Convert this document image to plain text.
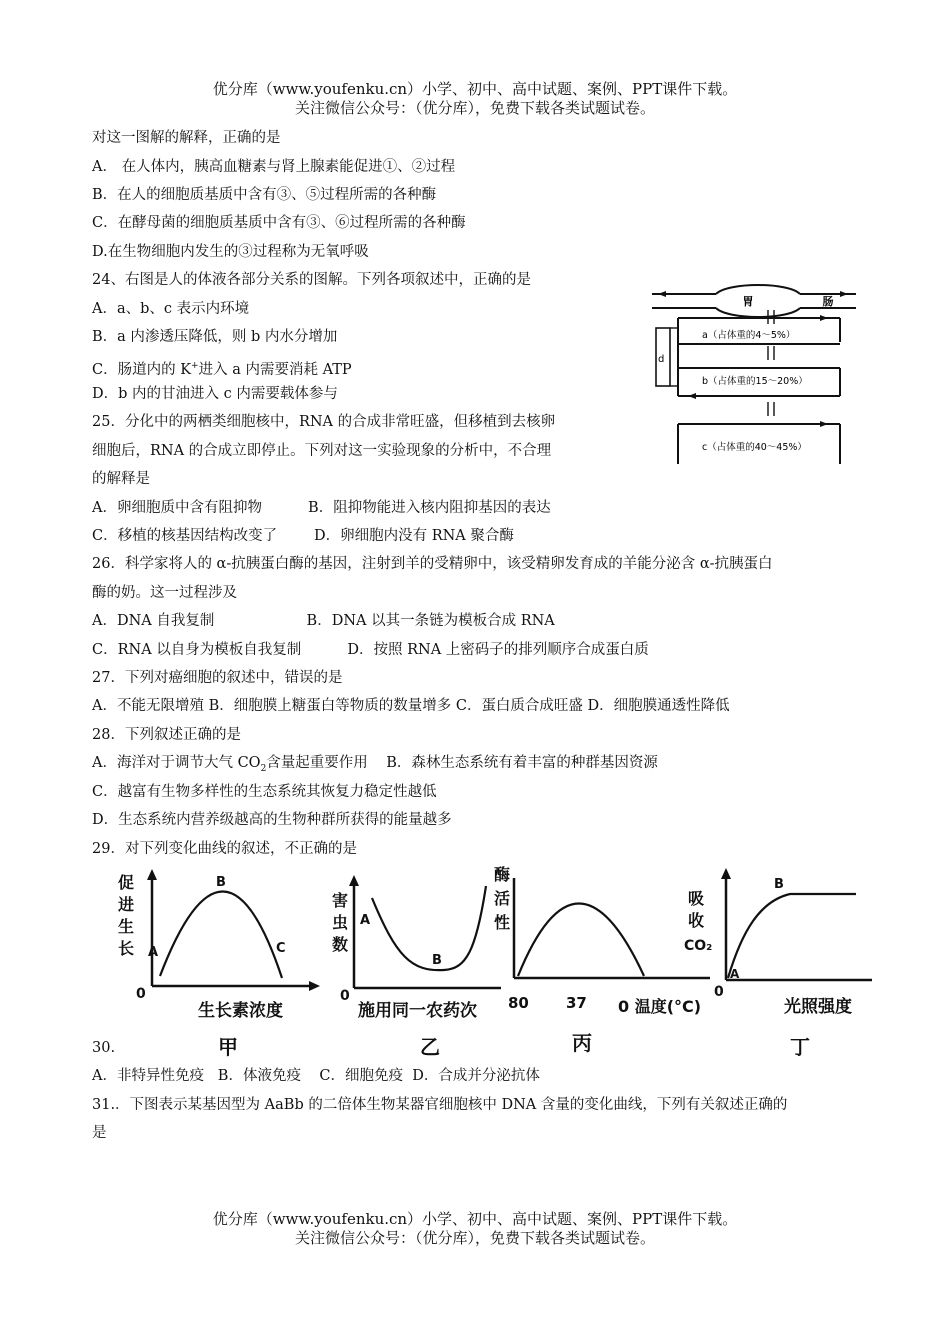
优分库（www.youfenku.cn）小学、初中、高中试题、案例、PPT课件下载。
关注微信公众号：（优分库），免费下载各类试题试卷。
对这一图解的解释，正确的是
A． 在人体内，胰高血糖素与肾上腺素能促进①、②过程
B．在人的细胞质基质中含有③、⑤过程所需的各种酶
C．在酵母菌的细胞质基质中含有③、⑥过程所需的各种酶
D.在生物细胞内发生的③过程称为无氧呼吸
24、右图是人的体液各部分关系的图解。下列各项叙述中，正确的是
A．a、b、c 表示内环境
B．a 内渗透压降低，则 b 内水分增加
C．肠道内的 K+进入 a 内需要消耗 ATP
D．b 内的甘油进入 c 内需要载体参与
25．分化中的两栖类细胞核中，RNA 的合成非常旺盛，但移植到去核卵
细胞后，RNA 的合成立即停止。下列对这一实验现象的分析中，不合理
的解释是
A．卵细胞质中含有阻抑物          B．阻抑物能进入核内阻抑基因的表达
C．移植的核基因结构改变了        D．卵细胞内没有 RNA 聚合酶
26．科学家将人的 α-抗胰蛋白酶的基因，注射到羊的受精卵中，该受精卵发育成的羊能分泌含 α-抗胰蛋白
酶的奶。这一过程涉及
A．DNA 自我复制                    B．DNA 以其一条链为模板合成 RNA
C．RNA 以自身为模板自我复制          D．按照 RNA 上密码子的排列顺序合成蛋白质
27．下列对癌细胞的叙述中，错误的是
A．不能无限增殖 B．细胞膜上糖蛋白等物质的数量增多 C．蛋白质合成旺盛 D．细胞膜通透性降低
28．下列叙述正确的是
A．海洋对于调节大气 $CO_2$含量起重要作用    B．森林生态系统有着丰富的种群基因资源
C．越富有生物多样性的生态系统其恢复力稳定性越低
D．生态系统内营养级越高的生物种群所获得的能量越多
29．对下列变化曲线的叙述，不正确的是
30.
A．非特异性免疫   B．体液免疫    C．细胞免疫  D．合成并分泌抗体
31.．下图表示某基因型为 AaBb 的二倍体生物某器官细胞核中 DNA 含量的变化曲线，下列有关叙述正确的
是
胃	肠
a（占体重的4～5%）
b（占体重的15～20%）
c（占体重的40～45%）
d
促
进
生
长
0
生长素浓度
甲
A
B
C
害
虫
数
0
施用同一农药次
乙
A
B
酶
活
性
80 37 0 温度(°C)
丙
吸
收
CO₂
0
光照强度
丁
A
B
优分库（www.youfenku.cn）小学、初中、高中试题、案例、PPT课件下载。
关注微信公众号：（优分库），免费下载各类试题试卷。
